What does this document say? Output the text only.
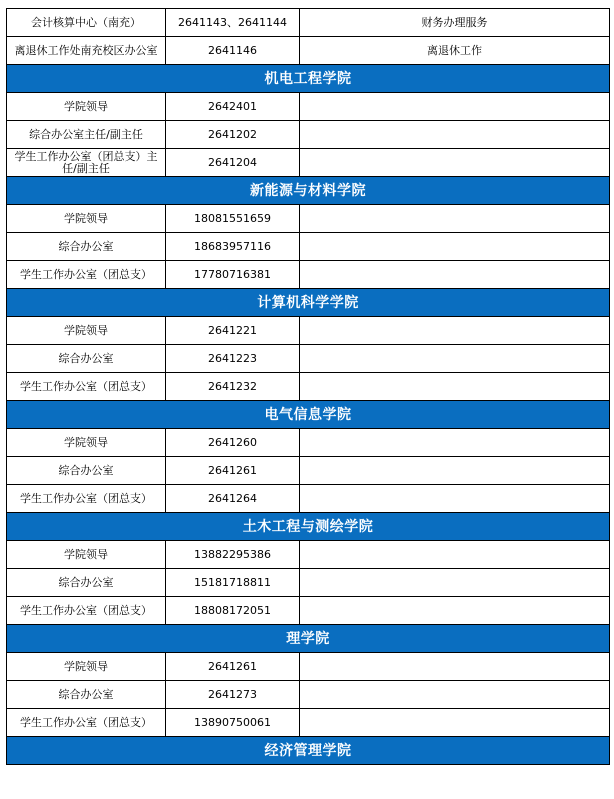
会计核算中心（南充）	2641143、2641144	财务办理服务
离退休工作处南充校区办公室	2641146	离退休工作
机电工程学院		
学院领导	2642401	
综合办公室主任/副主任	2641202	
学生工作办公室（团总支）主任/副主任	2641204	
新能源与材料学院		
学院领导	18081551659	
综合办公室	18683957116	
学生工作办公室（团总支）	17780716381	
计算机科学学院		
学院领导	2641221	
综合办公室	2641223	
学生工作办公室（团总支）	2641232	
电气信息学院		
学院领导	2641260	
综合办公室	2641261	
学生工作办公室（团总支）	2641264	
土木工程与测绘学院		
学院领导	13882295386	
综合办公室	15181718811	
学生工作办公室（团总支）	18808172051	
理学院		
学院领导	2641261	
综合办公室	2641273	
学生工作办公室（团总支）	13890750061	
经济管理学院		
